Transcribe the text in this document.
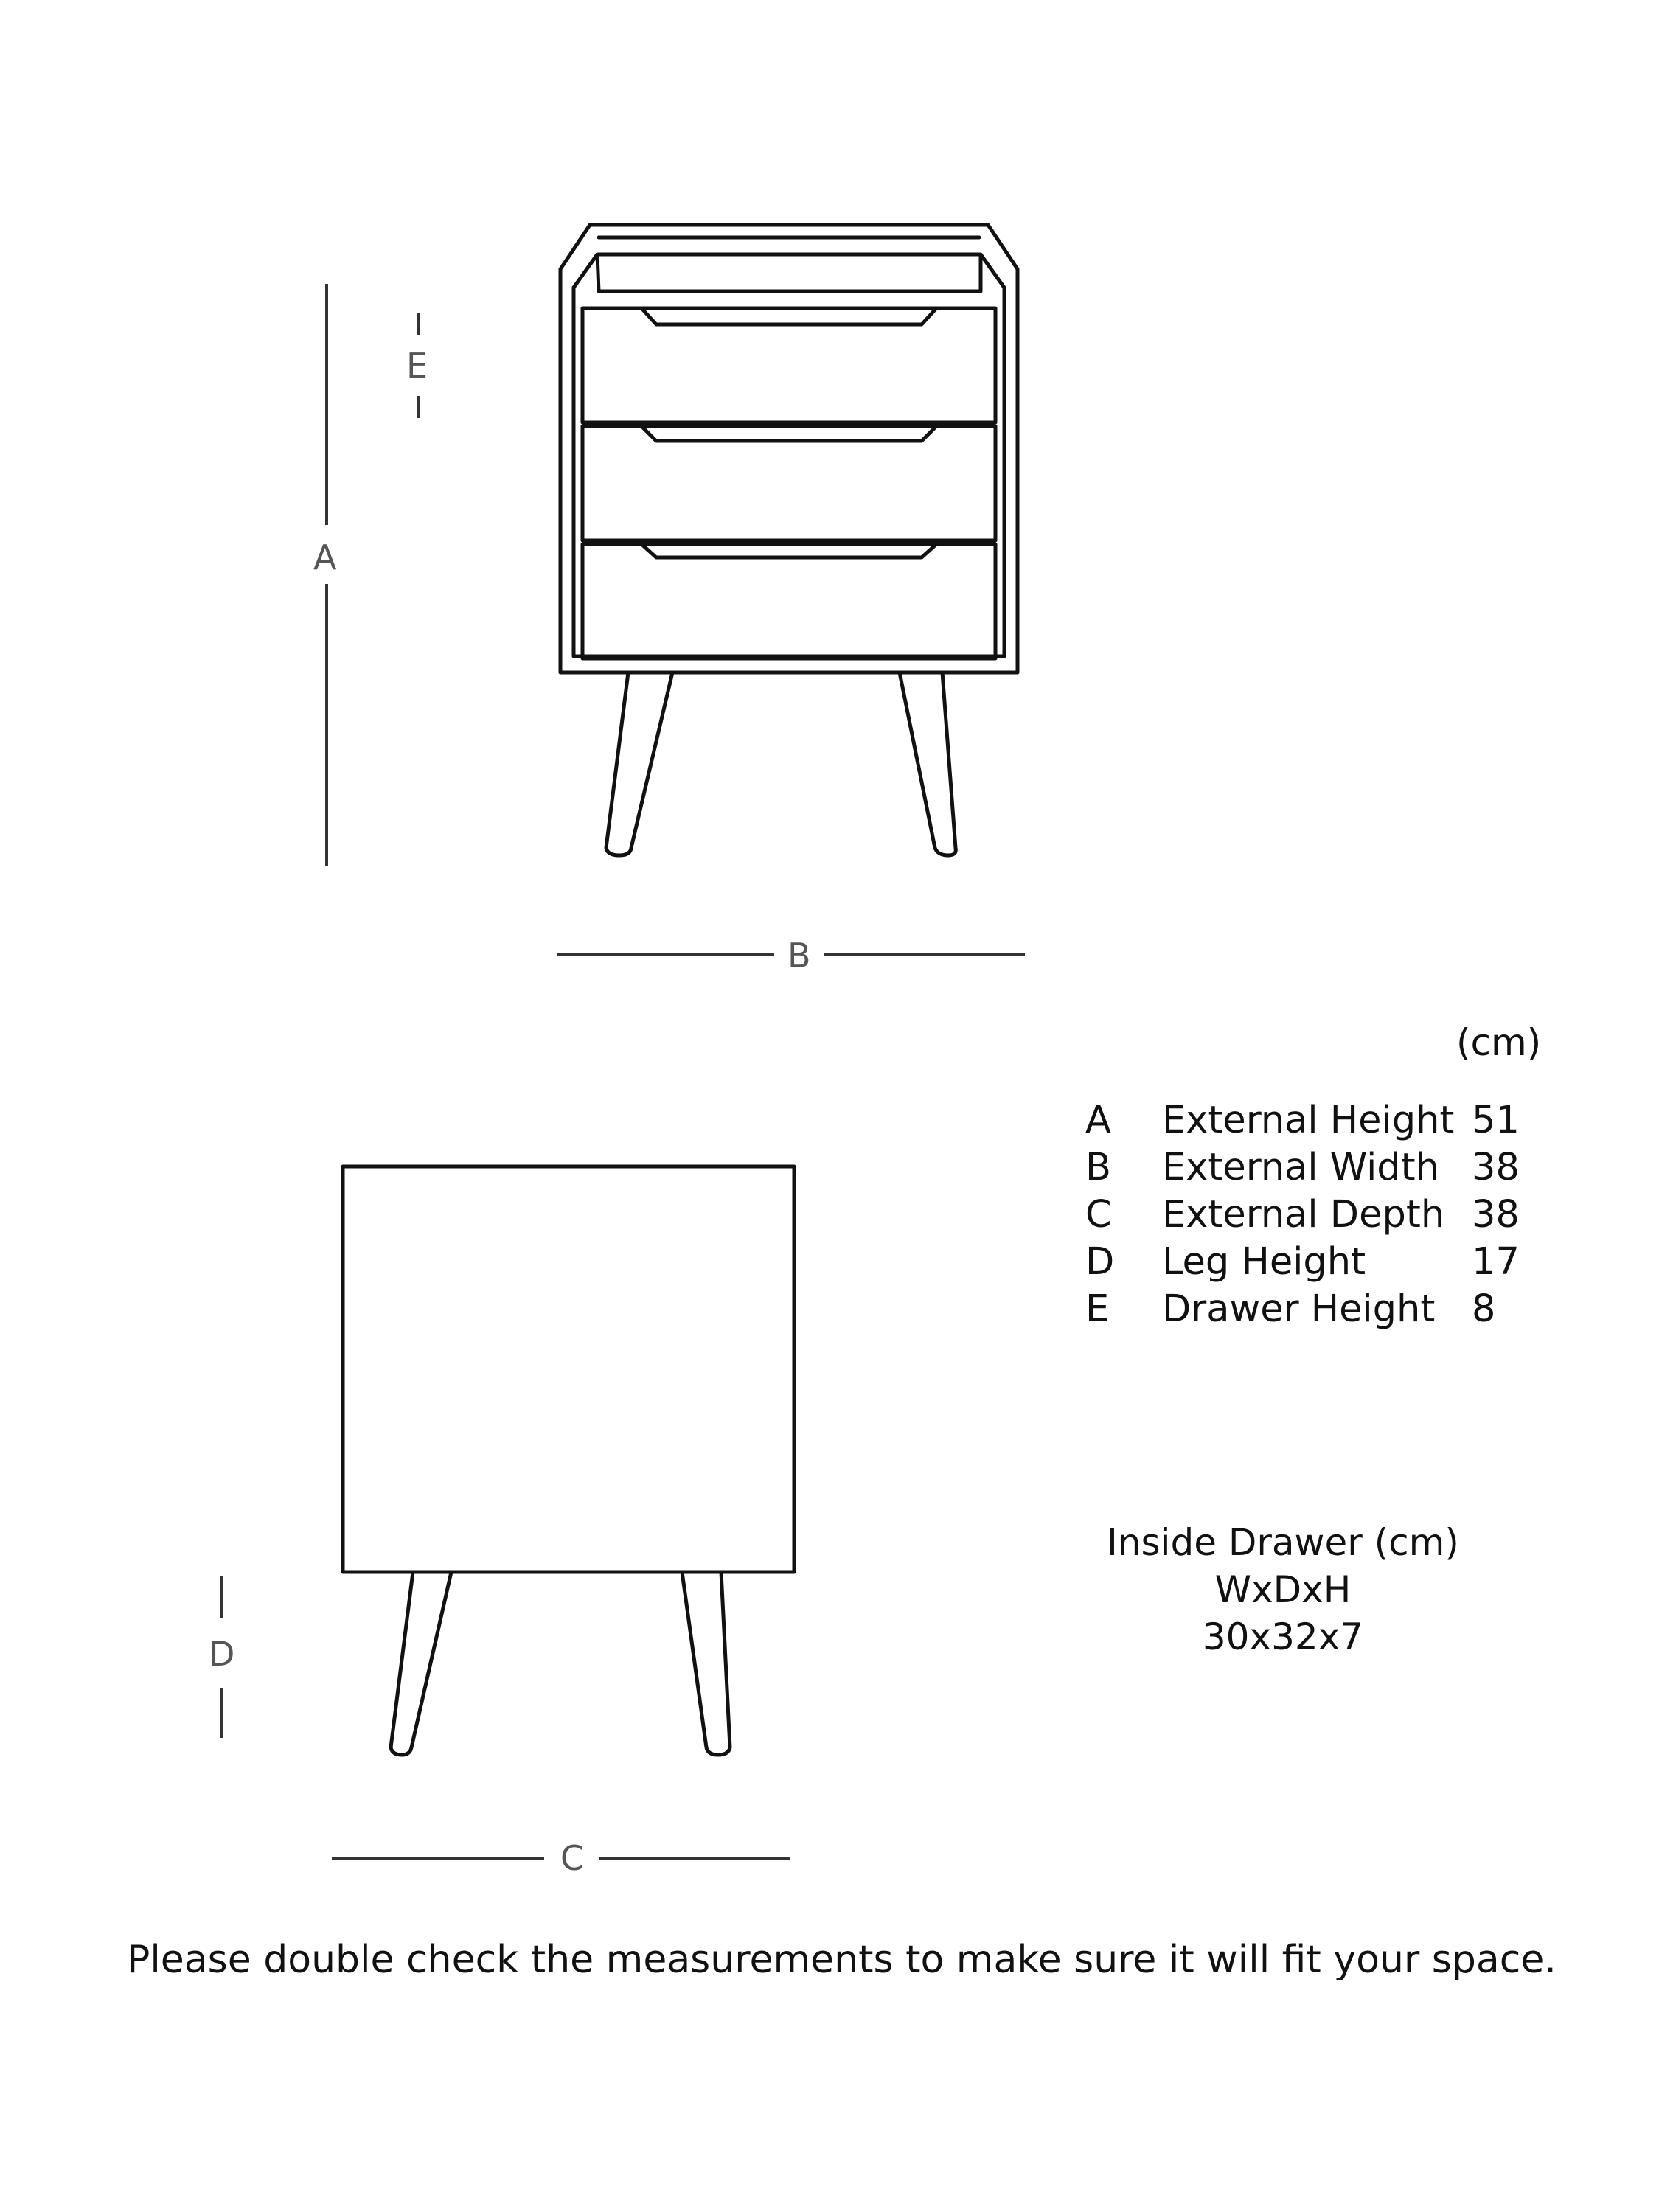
A
E
B
D
C
(cm)
A	External Height	51
B	External Width	38
C	External Depth	38
D	Leg Height	17
E	Drawer Height	8
Inside Drawer (cm)
WxDxH
30x32x7
Please double check the measurements to make sure it will fit your space.
